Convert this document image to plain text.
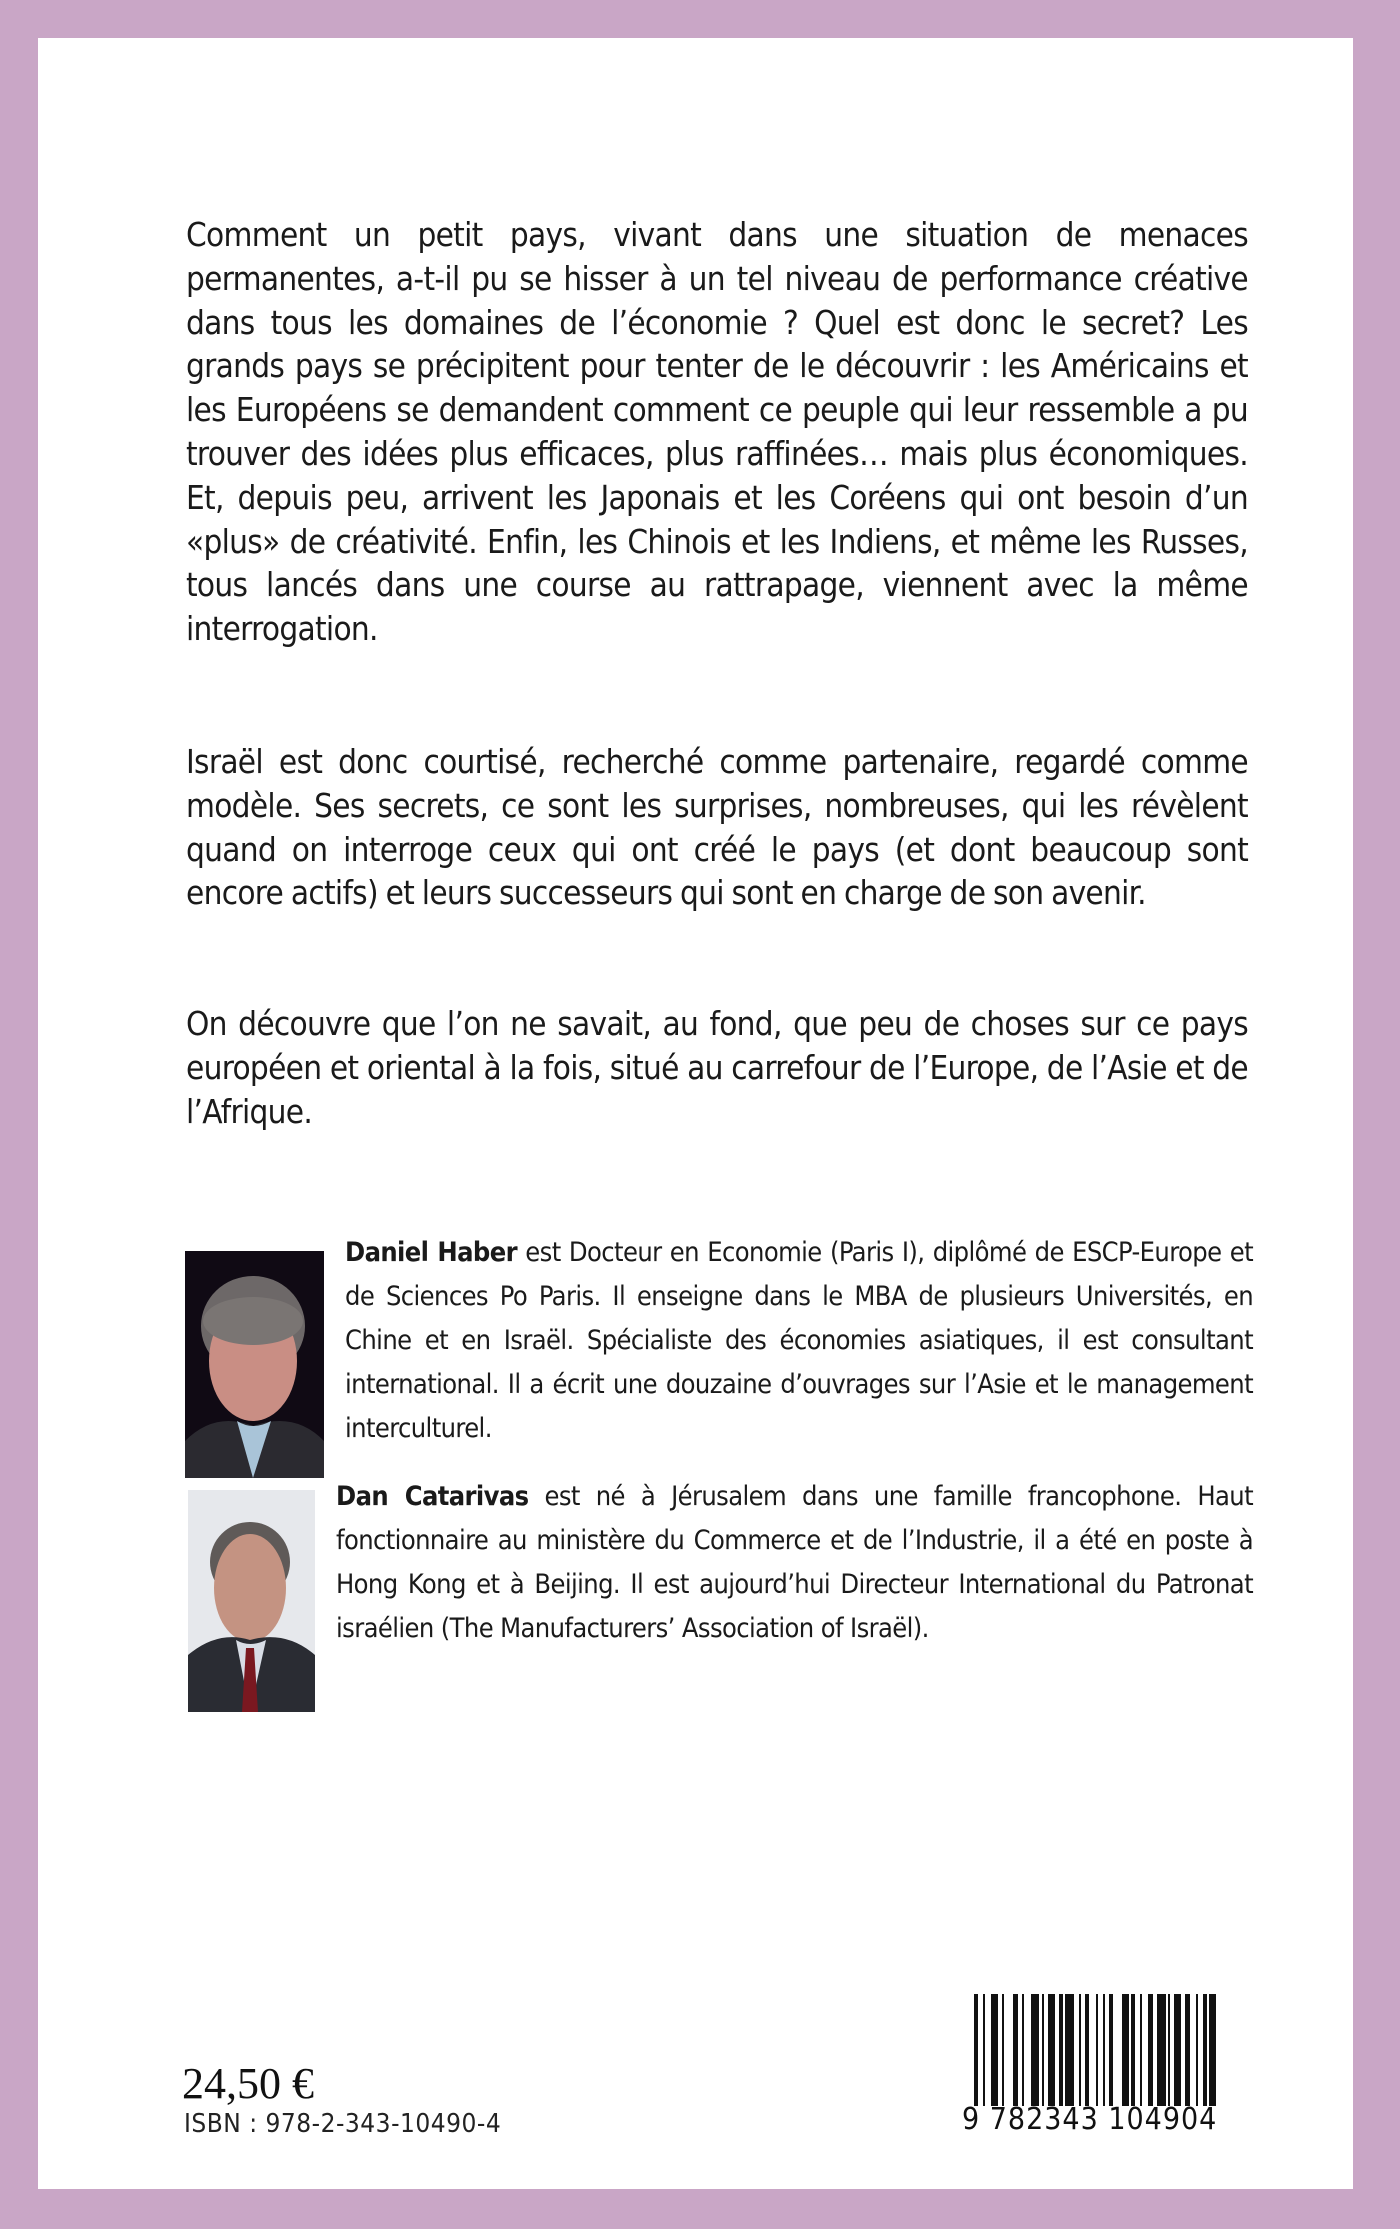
Comment un petit pays, vivant dans une situation de menaces permanentes, a-t-il pu se hisser à un tel niveau de performance créative dans tous les domaines de l’économie ? Quel est donc le secret? Les grands pays se précipitent pour tenter de le découvrir : les Américains et les Européens se demandent comment ce peuple qui leur ressemble a pu trouver des idées plus efficaces, plus raffinées… mais plus économiques. Et, depuis peu, arrivent les Japonais et les Coréens qui ont besoin d’un «plus» de créativité. Enfin, les Chinois et les Indiens, et même les Russes, tous lancés dans une course au rattrapage, viennent avec la même interrogation.

Israël est donc courtisé, recherché comme partenaire, regardé comme modèle. Ses secrets, ce sont les surprises, nombreuses, qui les révèlent quand on interroge ceux qui ont créé le pays (et dont beaucoup sont encore actifs) et leurs successeurs qui sont en charge de son avenir.

On découvre que l’on ne savait, au fond, que peu de choses sur ce pays européen et oriental à la fois, situé au carrefour de l’Europe, de l’Asie et de l’Afrique.

Daniel Haber est Docteur en Economie (Paris I), diplômé de ESCP-Europe et de Sciences Po Paris. Il enseigne dans le MBA de plusieurs Universités, en Chine et en Israël. Spécialiste des économies asiatiques, il est consultant international. Il a écrit une douzaine d’ouvrages sur l’Asie et le management interculturel.

Dan Catarivas est né à Jérusalem dans une famille francophone. Haut fonctionnaire au ministère du Commerce et de l’Industrie, il a été en poste à Hong Kong et à Beijing. Il est aujourd’hui Directeur International du Patronat israélien (The Manufacturers’ Association of Israël).

24,50 €
ISBN : 978-2-343-10490-4	9 782343 104904
